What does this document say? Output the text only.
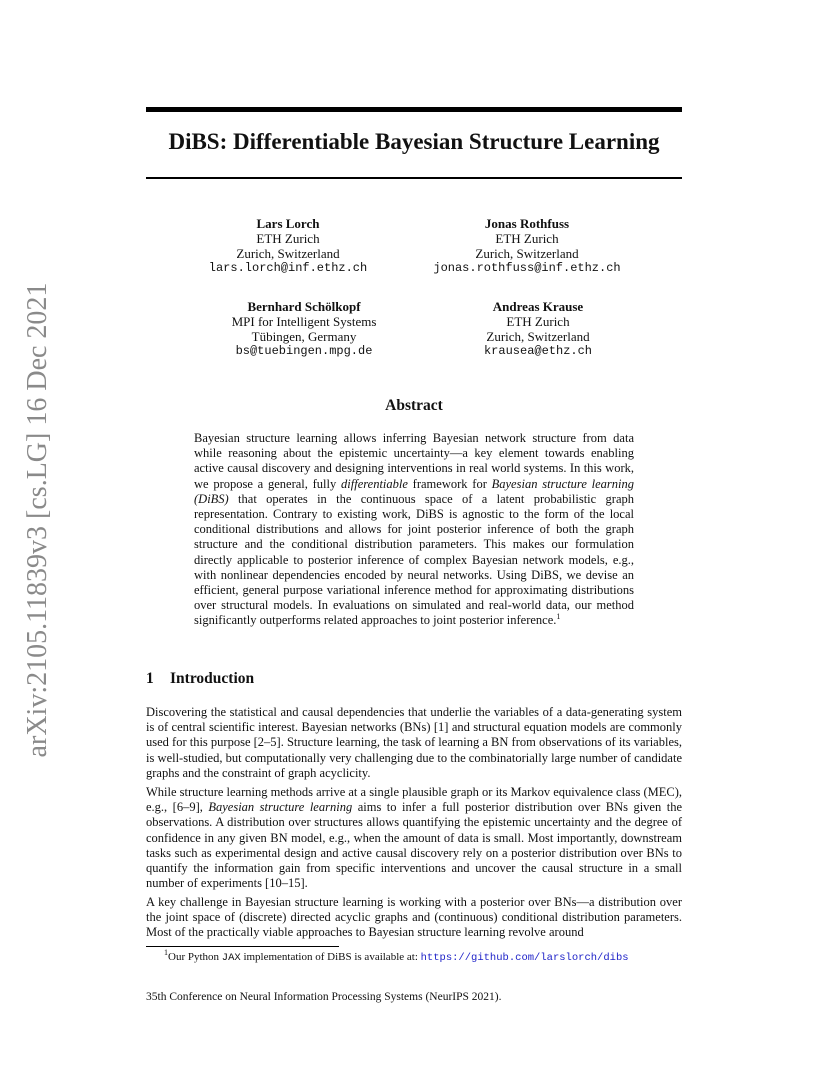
arXiv:2105.11839v3 [cs.LG] 16 Dec 2021
DiBS: Differentiable Bayesian Structure Learning
Lars Lorch
ETH Zurich
Zurich, Switzerland
lars.lorch@inf.ethz.ch
Jonas Rothfuss
ETH Zurich
Zurich, Switzerland
jonas.rothfuss@inf.ethz.ch
Bernhard Schölkopf
MPI for Intelligent Systems
Tübingen, Germany
bs@tuebingen.mpg.de
Andreas Krause
ETH Zurich
Zurich, Switzerland
krausea@ethz.ch
Abstract

Bayesian structure learning allows inferring Bayesian network structure from data while reasoning about the epistemic uncertainty—a key element towards enabling active causal discovery and designing interventions in real world systems. In this work, we propose a general, fully differentiable framework for Bayesian structure learning (DiBS) that operates in the continuous space of a latent probabilistic graph representation. Contrary to existing work, DiBS is agnostic to the form of the local conditional distributions and allows for joint posterior inference of both the graph structure and the conditional distribution parameters. This makes our formulation directly applicable to posterior inference of complex Bayesian network models, e.g., with nonlinear dependencies encoded by neural networks. Using DiBS, we devise an efficient, general purpose variational inference method for approximating distributions over structural models. In evaluations on simulated and real-world data, our method significantly outperforms related approaches to joint posterior inference.$^1$

1 Introduction

Discovering the statistical and causal dependencies that underlie the variables of a data-generating system is of central scientific interest. Bayesian networks (BNs) [1] and structural equation models are commonly used for this purpose [2–5]. Structure learning, the task of learning a BN from observations of its variables, is well-studied, but computationally very challenging due to the combinatorially large number of candidate graphs and the constraint of graph acyclicity.

While structure learning methods arrive at a single plausible graph or its Markov equivalence class (MEC), e.g., [6–9], Bayesian structure learning aims to infer a full posterior distribution over BNs given the observations. A distribution over structures allows quantifying the epistemic uncertainty and the degree of confidence in any given BN model, e.g., when the amount of data is small. Most importantly, downstream tasks such as experimental design and active causal discovery rely on a posterior distribution over BNs to quantify the information gain from specific interventions and uncover the causal structure in a small number of experiments [10–15].

A key challenge in Bayesian structure learning is working with a posterior over BNs—a distribution over the joint space of (discrete) directed acyclic graphs and (continuous) conditional distribution parameters. Most of the practically viable approaches to Bayesian structure learning revolve around

$^1$Our Python JAX implementation of DiBS is available at: https://github.com/larslorch/dibs
35th Conference on Neural Information Processing Systems (NeurIPS 2021).
